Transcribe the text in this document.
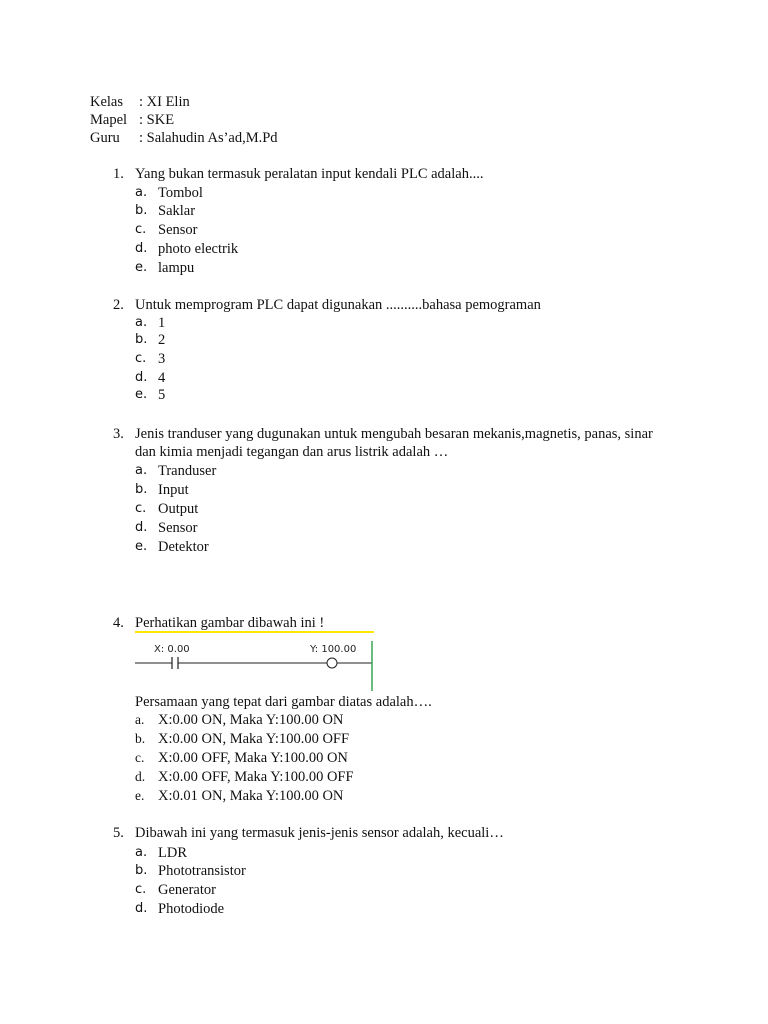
Kelas : XI Elin
Mapel : SKE
Guru : Salahudin As’ad,M.Pd
1. Yang bukan termasuk peralatan input kendali PLC adalah....
a. Tombol
b. Saklar
c. Sensor
d. photo electrik
e. lampu
2. Untuk memprogram PLC dapat digunakan ..........bahasa pemograman
a. 1
b. 2
c. 3
d. 4
e. 5
3. Jenis tranduser yang dugunakan untuk mengubah besaran mekanis,magnetis, panas, sinar
dan kimia menjadi tegangan dan arus listrik adalah …
a. Tranduser
b. Input
c. Output
d. Sensor
e. Detektor
4. Perhatikan gambar dibawah ini !
X: 0.00	Y: 100.00
Persamaan yang tepat dari gambar diatas adalah….
a. X:0.00 ON, Maka Y:100.00 ON
b. X:0.00 ON, Maka Y:100.00 OFF
c. X:0.00 OFF, Maka Y:100.00 ON
d. X:0.00 OFF, Maka Y:100.00 OFF
e. X:0.01 ON, Maka Y:100.00 ON
5. Dibawah ini yang termasuk jenis-jenis sensor adalah, kecuali…
a. LDR
b. Phototransistor
c. Generator
d. Photodiode
